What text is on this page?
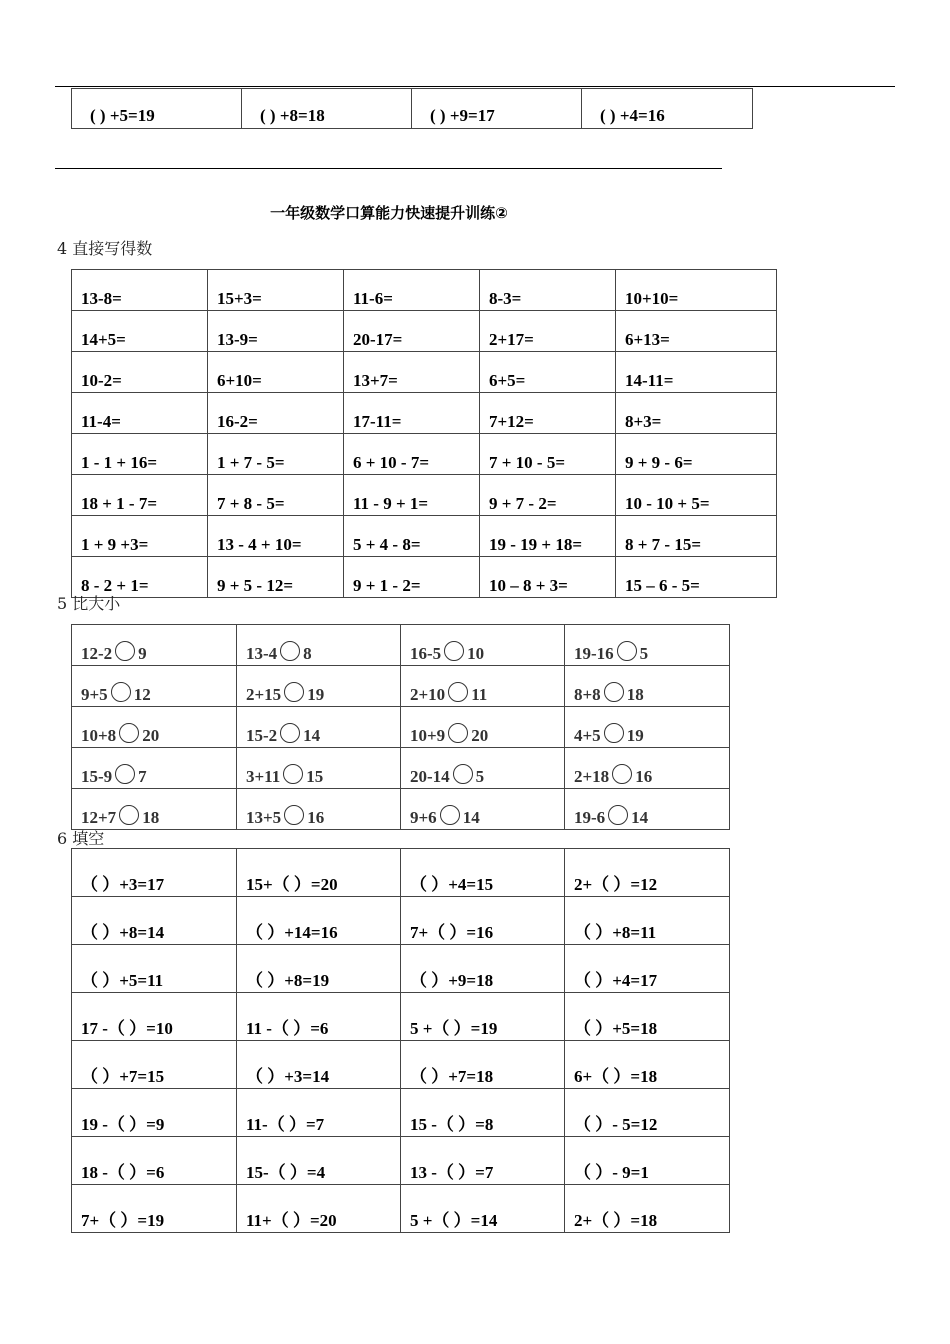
( ) +5=19	( ) +8=18	( ) +9=17	( ) +4=16
一年级数学口算能力快速提升训练②
4 直接写得数
13-8=	15+3=	11-6=	8-3=	10+10=
14+5=	13-9=	20-17=	2+17=	6+13=
10-2=	6+10=	13+7=	6+5=	14-11=
11-4=	16-2=	17-11=	7+12=	8+3=
1 - 1 + 16=	1 + 7 - 5=	6 + 10 - 7=	7 + 10 - 5=	9 + 9 - 6=
18 + 1 - 7=	7 + 8 - 5=	11 - 9 + 1=	9 + 7 - 2=	10 - 10 + 5=
1 + 9 +3=	13 - 4 + 10=	5 + 4 - 8=	19 - 19 + 18=	8 + 7 - 15=
8 - 2 + 1=	9 + 5 - 12=	9 + 1 - 2=	10 – 8 + 3=	15 – 6 - 5=
5 比大小
12-2 9	13-4 8	16-5 10	19-16 5
9+5 12	2+15 19	2+10 11	8+8 18
10+8 20	15-2 14	10+9 20	4+5 19
15-9 7	3+11 15	20-14 5	2+18 16
12+7 18	13+5 16	9+6 14	19-6 14
6 填空
（ ）+3=17	15+（ ）=20	（ ）+4=15	2+（ ）=12
（ ）+8=14	（ ）+14=16	7+（ ）=16	（ ）+8=11
（ ）+5=11	（ ）+8=19	（ ）+9=18	（ ）+4=17
17 -（ ）=10	11 -（ ）=6	5 +（ ）=19	（ ）+5=18
（ ）+7=15	（ ）+3=14	（ ）+7=18	6+（ ）=18
19 -（ ）=9	11-（ ）=7	15 -（ ）=8	（ ）- 5=12
18 -（ ）=6	15-（ ）=4	13 -（ ）=7	（ ）- 9=1
7+（ ）=19	11+（ ）=20	5 +（ ）=14	2+（ ）=18
